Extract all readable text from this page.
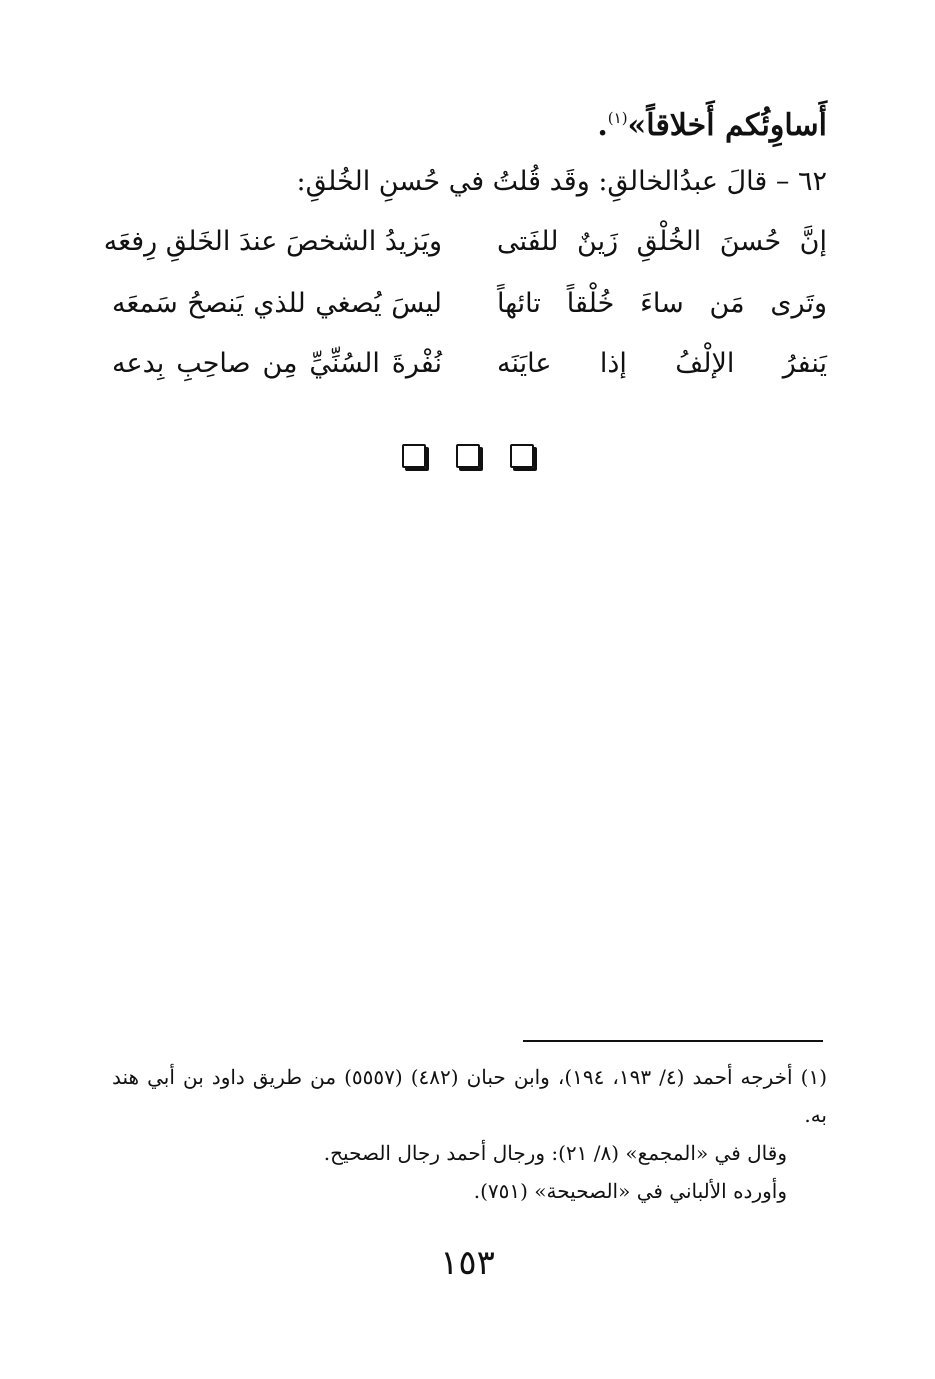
أَساوِئُكم أَخلاقاً»$^{(١)}$.
٦٢ – قالَ عبدُالخالقِ: وقَد قُلتُ في حُسنِ الخُلقِ:
إنَّ حُسنَ الخُلْقِ زَينٌ للفَتى
ويَزيدُ الشخصَ عندَ الخَلقِ رِفعَه
وتَرى مَن ساءَ خُلْقاً تائهاً
ليسَ يُصغي للذي يَنصحُ سَمعَه
يَنفرُ الإلْفُ إذا عايَنَه
نُفْرةَ السُنِّيِّ مِن صاحِبِ بِدعه

(١) أخرجه أحمد (٤/ ١٩٣، ١٩٤)، وابن حبان (٤٨٢) (٥٥٥٧) من طريق داود بن أبي هند به.

وقال في «المجمع» (٨/ ٢١): ورجال أحمد رجال الصحيح.

وأورده الألباني في «الصحيحة» (٧٥١).

١٥٣
